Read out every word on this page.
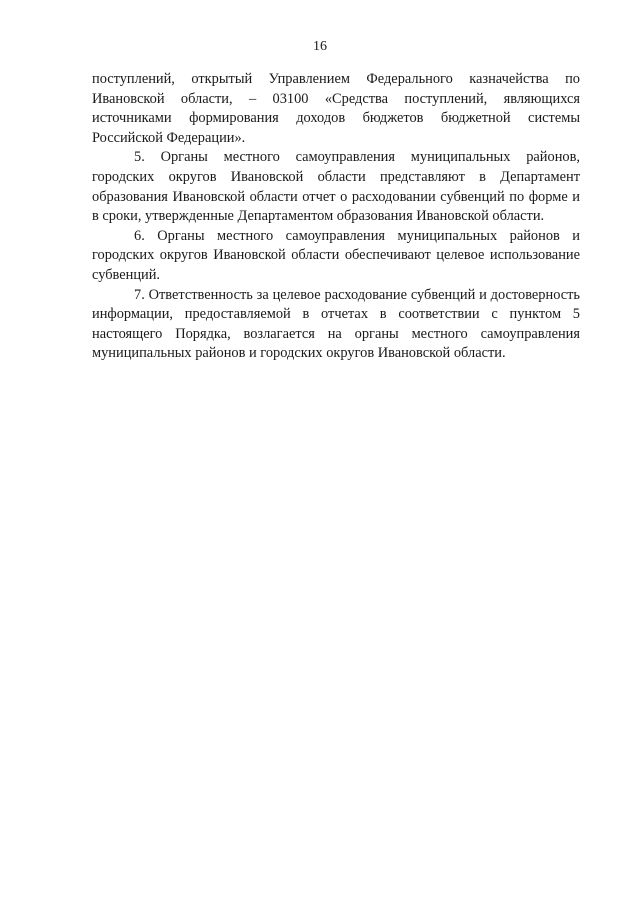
16

поступлений, открытый Управлением Федерального казначейства по Ивановской области, – 03100 «Средства поступлений, являющихся источниками формирования доходов бюджетов бюджетной системы Российской Федерации».

5. Органы местного самоуправления муниципальных районов, городских округов Ивановской области представляют в Департамент образования Ивановской области отчет о расходовании субвенций по форме и в сроки, утвержденные Департаментом образования Ивановской области.

6. Органы местного самоуправления муниципальных районов и городских округов Ивановской области обеспечивают целевое использование субвенций.

7. Ответственность за целевое расходование субвенций и достоверность информации, предоставляемой в отчетах в соответствии с пунктом 5 настоящего Порядка, возлагается на органы местного самоуправления муниципальных районов и городских округов Ивановской области.
